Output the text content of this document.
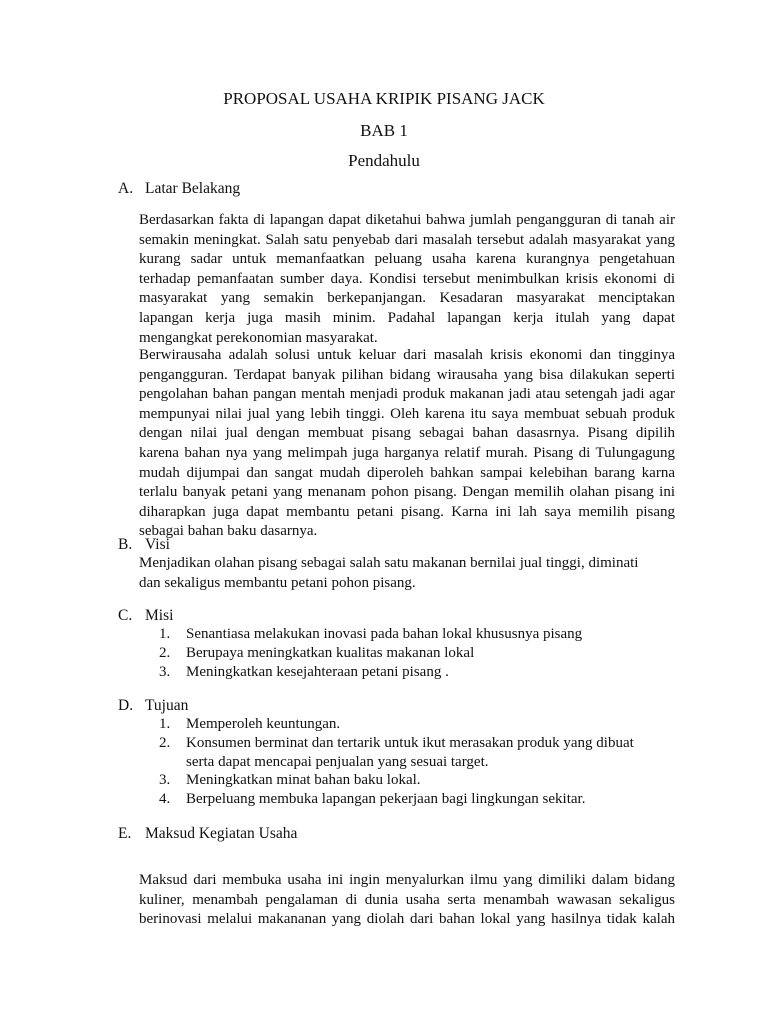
PROPOSAL USAHA KRIPIK PISANG JACK
BAB 1
Pendahulu
A. Latar Belakang
Berdasarkan fakta di lapangan dapat diketahui bahwa jumlah pengangguran di tanah air
semakin meningkat. Salah satu penyebab dari masalah tersebut adalah masyarakat yang
kurang sadar untuk memanfaatkan peluang usaha karena kurangnya pengetahuan
terhadap pemanfaatan sumber daya. Kondisi tersebut menimbulkan krisis ekonomi di
masyarakat yang semakin berkepanjangan. Kesadaran masyarakat menciptakan
lapangan kerja juga masih minim. Padahal lapangan kerja itulah yang dapat
mengangkat perekonomian masyarakat.
Berwirausaha adalah solusi untuk keluar dari masalah krisis ekonomi dan tingginya
pengangguran. Terdapat banyak pilihan bidang wirausaha yang bisa dilakukan seperti
pengolahan bahan pangan mentah menjadi produk makanan jadi atau setengah jadi agar
mempunyai nilai jual yang lebih tinggi. Oleh karena itu saya membuat sebuah produk
dengan nilai jual dengan membuat pisang sebagai bahan dasasrnya. Pisang dipilih
karena bahan nya yang melimpah juga harganya relatif murah. Pisang di Tulungagung
mudah dijumpai dan sangat mudah diperoleh bahkan sampai kelebihan barang karna
terlalu banyak petani yang menanam pohon pisang. Dengan memilih olahan pisang ini
diharapkan juga dapat membantu petani pisang. Karna ini lah saya memilih pisang
sebagai bahan baku dasarnya.
B. Visi
Menjadikan olahan pisang sebagai salah satu makanan bernilai jual tinggi, diminati
dan sekaligus membantu petani pohon pisang.
C. Misi
1. Senantiasa melakukan inovasi pada bahan lokal khususnya pisang
2. Berupaya meningkatkan kualitas makanan lokal
3. Meningkatkan kesejahteraan petani pisang .
D. Tujuan
1. Memperoleh keuntungan.
2. Konsumen berminat dan tertarik untuk ikut merasakan produk yang dibuat
serta dapat mencapai penjualan yang sesuai target.
3. Meningkatkan minat bahan baku lokal.
4. Berpeluang membuka lapangan pekerjaan bagi lingkungan sekitar.
E. Maksud Kegiatan Usaha
Maksud dari membuka usaha ini ingin menyalurkan ilmu yang dimiliki dalam bidang
kuliner, menambah pengalaman di dunia usaha serta menambah wawasan sekaligus
berinovasi melalui makananan yang diolah dari bahan lokal yang hasilnya tidak kalah
